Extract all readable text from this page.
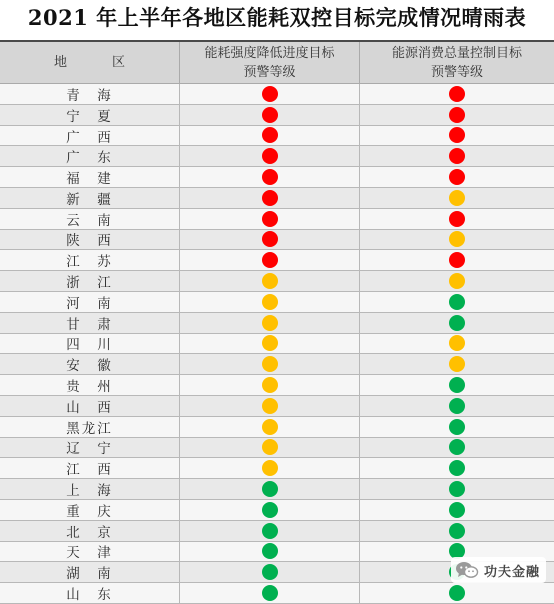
2021 年上半年各地区能耗双控目标完成情况晴雨表
地　区
能耗强度降低进度目标
预警等级
能源消费总量控制目标
预警等级
青　海
宁　夏
广　西
广　东
福　建
新　疆
云　南
陕　西
江　苏
浙　江
河　南
甘　肃
四　川
安　徽
贵　州
山　西
黑龙江
辽　宁
江　西
上　海
重　庆
北　京
天　津
湖　南
山　东
功夫金融
